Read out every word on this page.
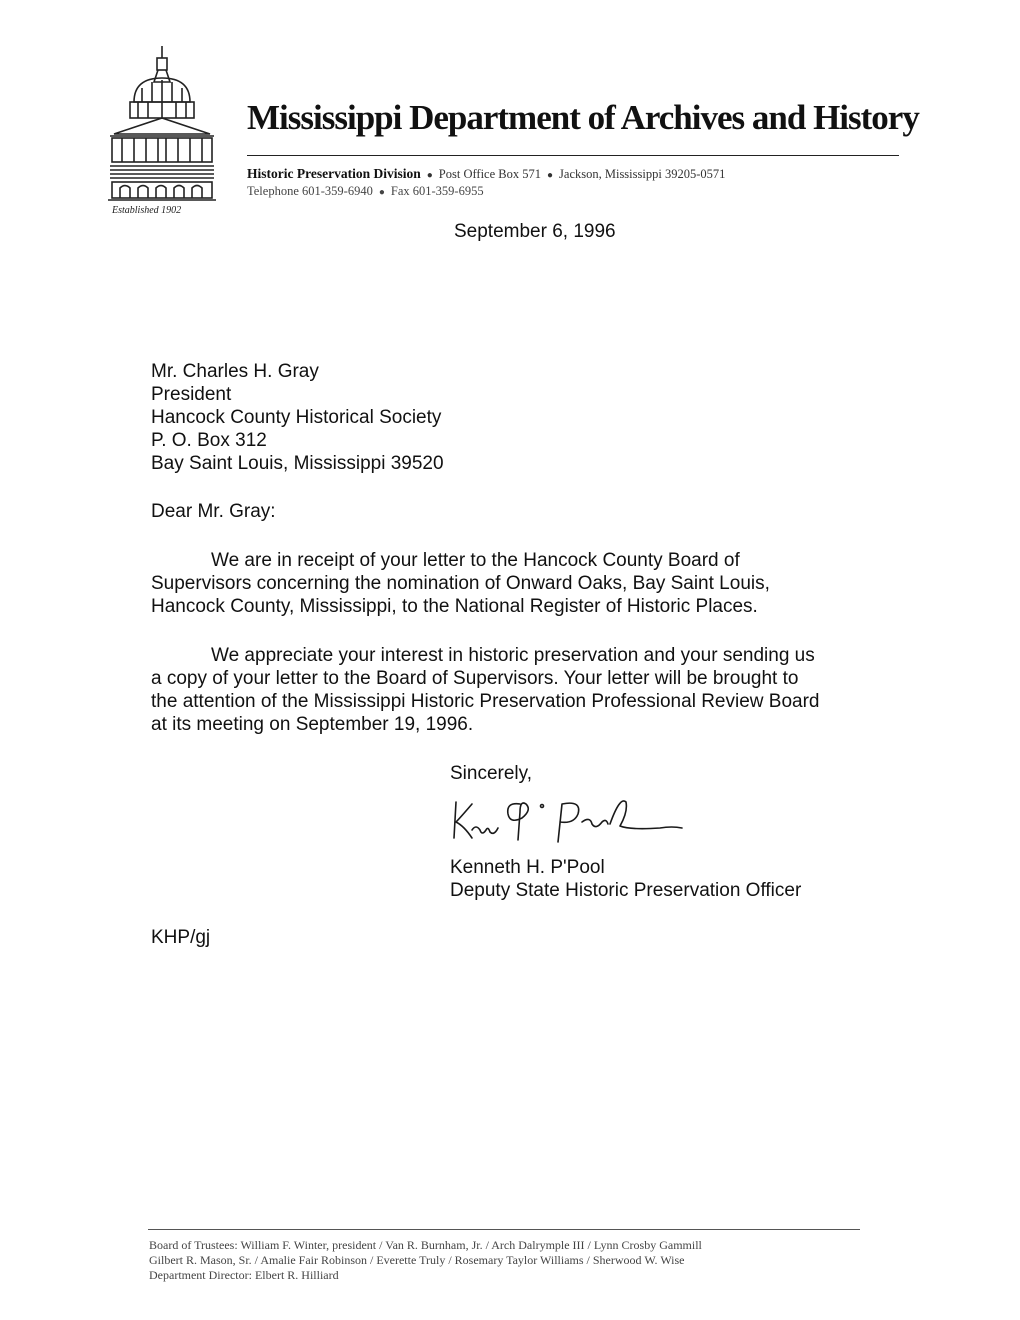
Established 1902
Mississippi Department of Archives and History
Historic Preservation Division ● Post Office Box 571 ● Jackson, Mississippi 39205-0571
Telephone 601-359-6940 ● Fax 601-359-6955
September 6, 1996
Mr. Charles H. Gray
President
Hancock County Historical Society
P. O. Box 312
Bay Saint Louis, Mississippi 39520
Dear Mr. Gray:
We are in receipt of your letter to the Hancock County Board of
Supervisors concerning the nomination of Onward Oaks, Bay Saint Louis,
Hancock County, Mississippi, to the National Register of Historic Places.
We appreciate your interest in historic preservation and your sending us
a copy of your letter to the Board of Supervisors. Your letter will be brought to
the attention of the Mississippi Historic Preservation Professional Review Board
at its meeting on September 19, 1996.
Sincerely,
Kenneth H. P'Pool
Deputy State Historic Preservation Officer
KHP/gj
Board of Trustees: William F. Winter, president / Van R. Burnham, Jr. / Arch Dalrymple III / Lynn Crosby Gammill
Gilbert R. Mason, Sr. / Amalie Fair Robinson / Everette Truly / Rosemary Taylor Williams / Sherwood W. Wise
Department Director: Elbert R. Hilliard
